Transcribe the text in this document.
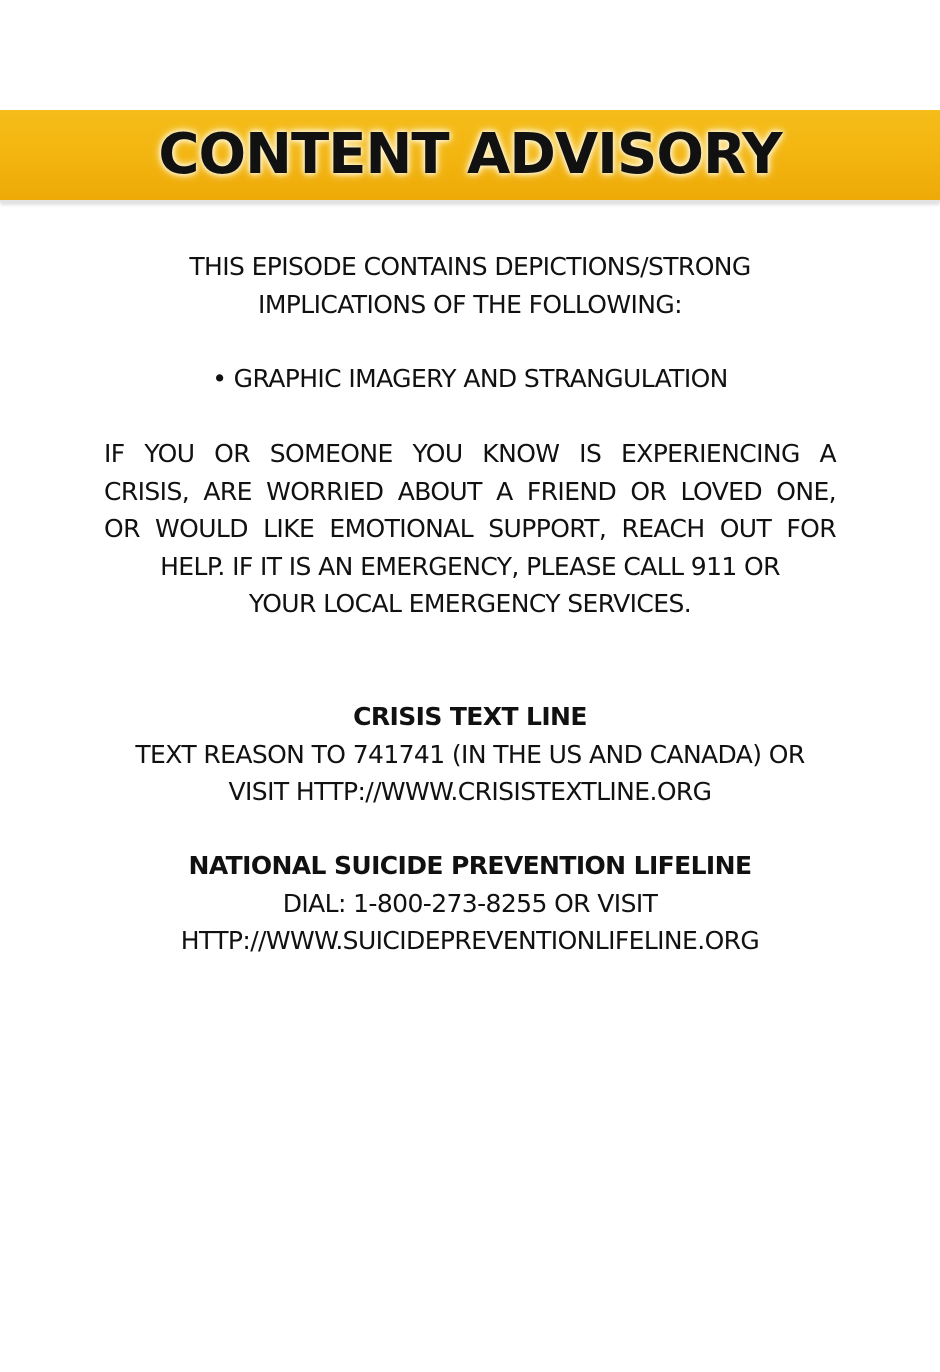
CONTENT ADVISORY
THIS EPISODE CONTAINS DEPICTIONS/STRONG
IMPLICATIONS OF THE FOLLOWING:
• GRAPHIC IMAGERY AND STRANGULATION
IF YOU OR SOMEONE YOU KNOW IS EXPERIENCING A
CRISIS, ARE WORRIED ABOUT A FRIEND OR LOVED ONE,
OR WOULD LIKE EMOTIONAL SUPPORT, REACH OUT FOR
HELP. IF IT IS AN EMERGENCY, PLEASE CALL 911 OR
YOUR LOCAL EMERGENCY SERVICES.
CRISIS TEXT LINE
TEXT REASON TO 741741 (IN THE US AND CANADA) OR
VISIT HTTP://WWW.CRISISTEXTLINE.ORG
NATIONAL SUICIDE PREVENTION LIFELINE
DIAL: 1-800-273-8255 OR VISIT
HTTP://WWW.SUICIDEPREVENTIONLIFELINE.ORG
